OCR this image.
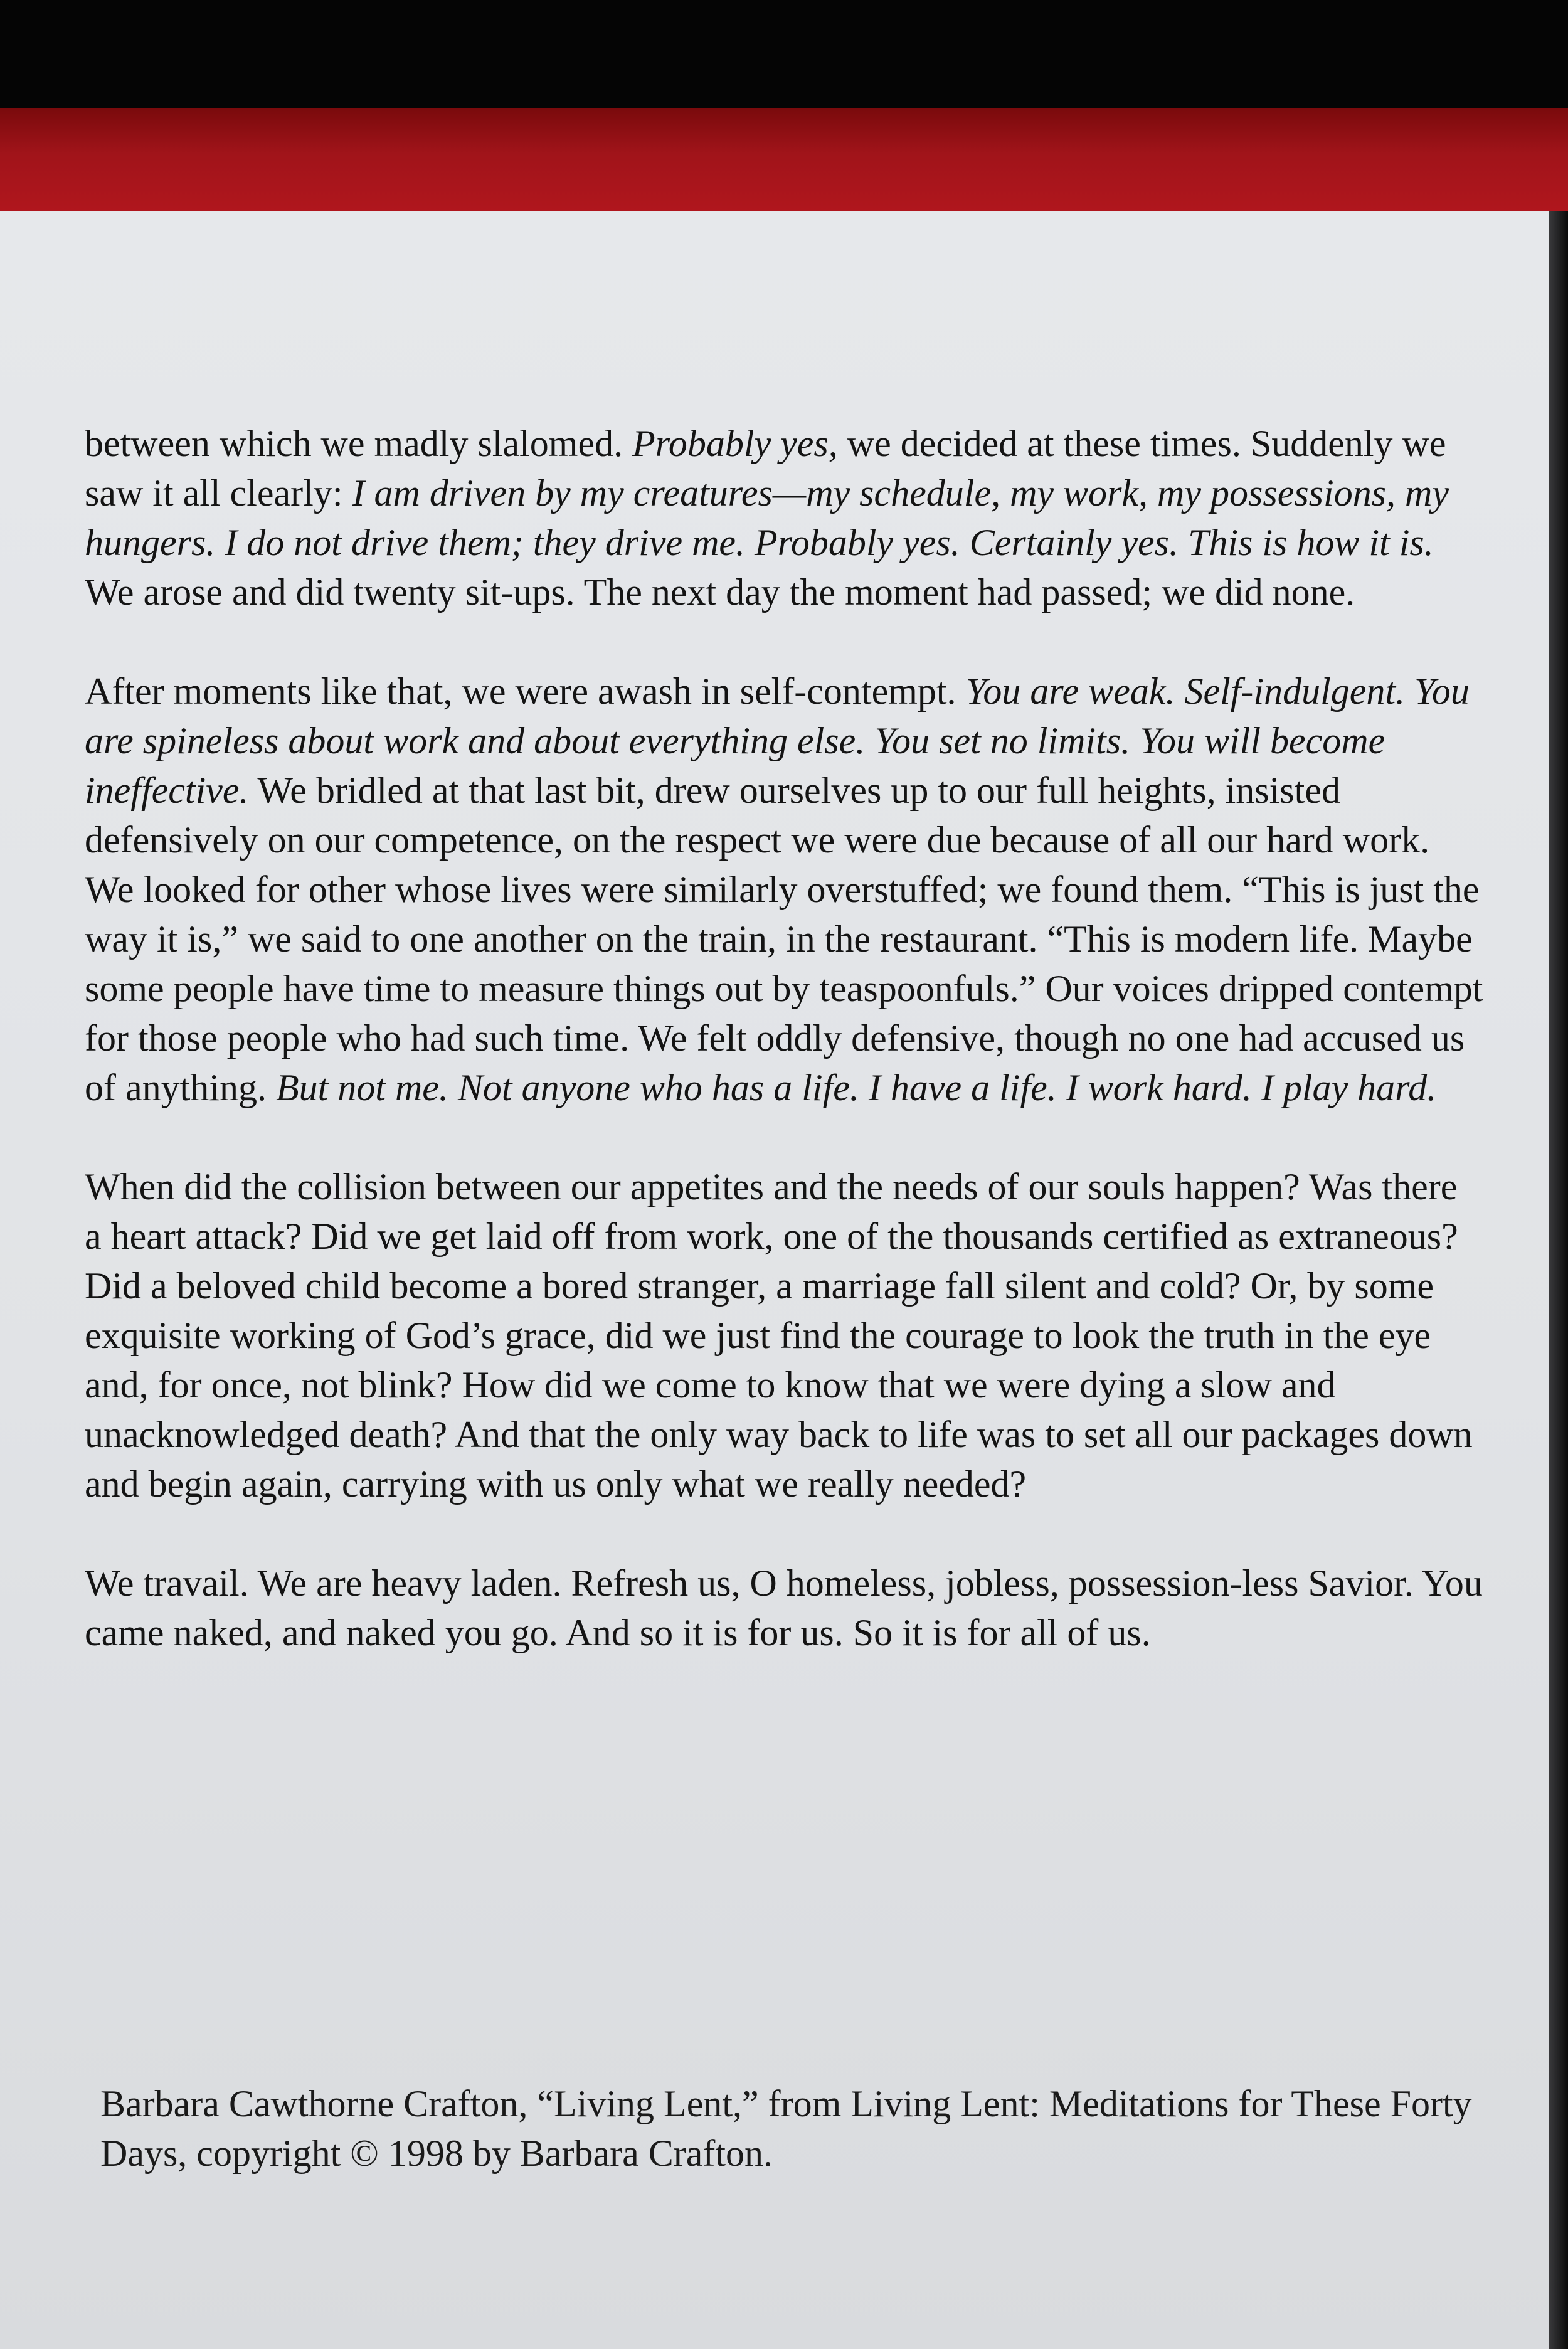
between which we madly slalomed. Probably yes, we decided at these times. Suddenly we saw it all clearly: I am driven by my creatures—my schedule, my work, my possessions, my hungers. I do not drive them; they drive me. Probably yes. Certainly yes. This is how it is. We arose and did twenty sit-ups. The next day the moment had passed; we did none.

After moments like that, we were awash in self-contempt. You are weak. Self-indulgent. You are spineless about work and about everything else. You set no limits. You will become ineffective. We bridled at that last bit, drew ourselves up to our full heights, insisted defensively on our competence, on the respect we were due because of all our hard work. We looked for other whose lives were similarly overstuffed; we found them. “This is just the way it is,” we said to one another on the train, in the restaurant. “This is modern life. Maybe some people have time to measure things out by teaspoonfuls.” Our voices dripped contempt for those people who had such time. We felt oddly defensive, though no one had accused us of anything. But not me. Not anyone who has a life. I have a life. I work hard. I play hard.

When did the collision between our appetites and the needs of our souls happen? Was there a heart attack? Did we get laid off from work, one of the thousands certified as extraneous? Did a beloved child become a bored stranger, a marriage fall silent and cold? Or, by some exquisite working of God’s grace, did we just find the courage to look the truth in the eye and, for once, not blink? How did we come to know that we were dying a slow and unacknowledged death? And that the only way back to life was to set all our packages down and begin again, carrying with us only what we really needed?

We travail. We are heavy laden. Refresh us, O homeless, jobless, possession-less Savior. You came naked, and naked you go. And so it is for us. So it is for all of us.

Barbara Cawthorne Crafton, “Living Lent,” from Living Lent: Meditations for These Forty Days, copyright © 1998 by Barbara Crafton.
